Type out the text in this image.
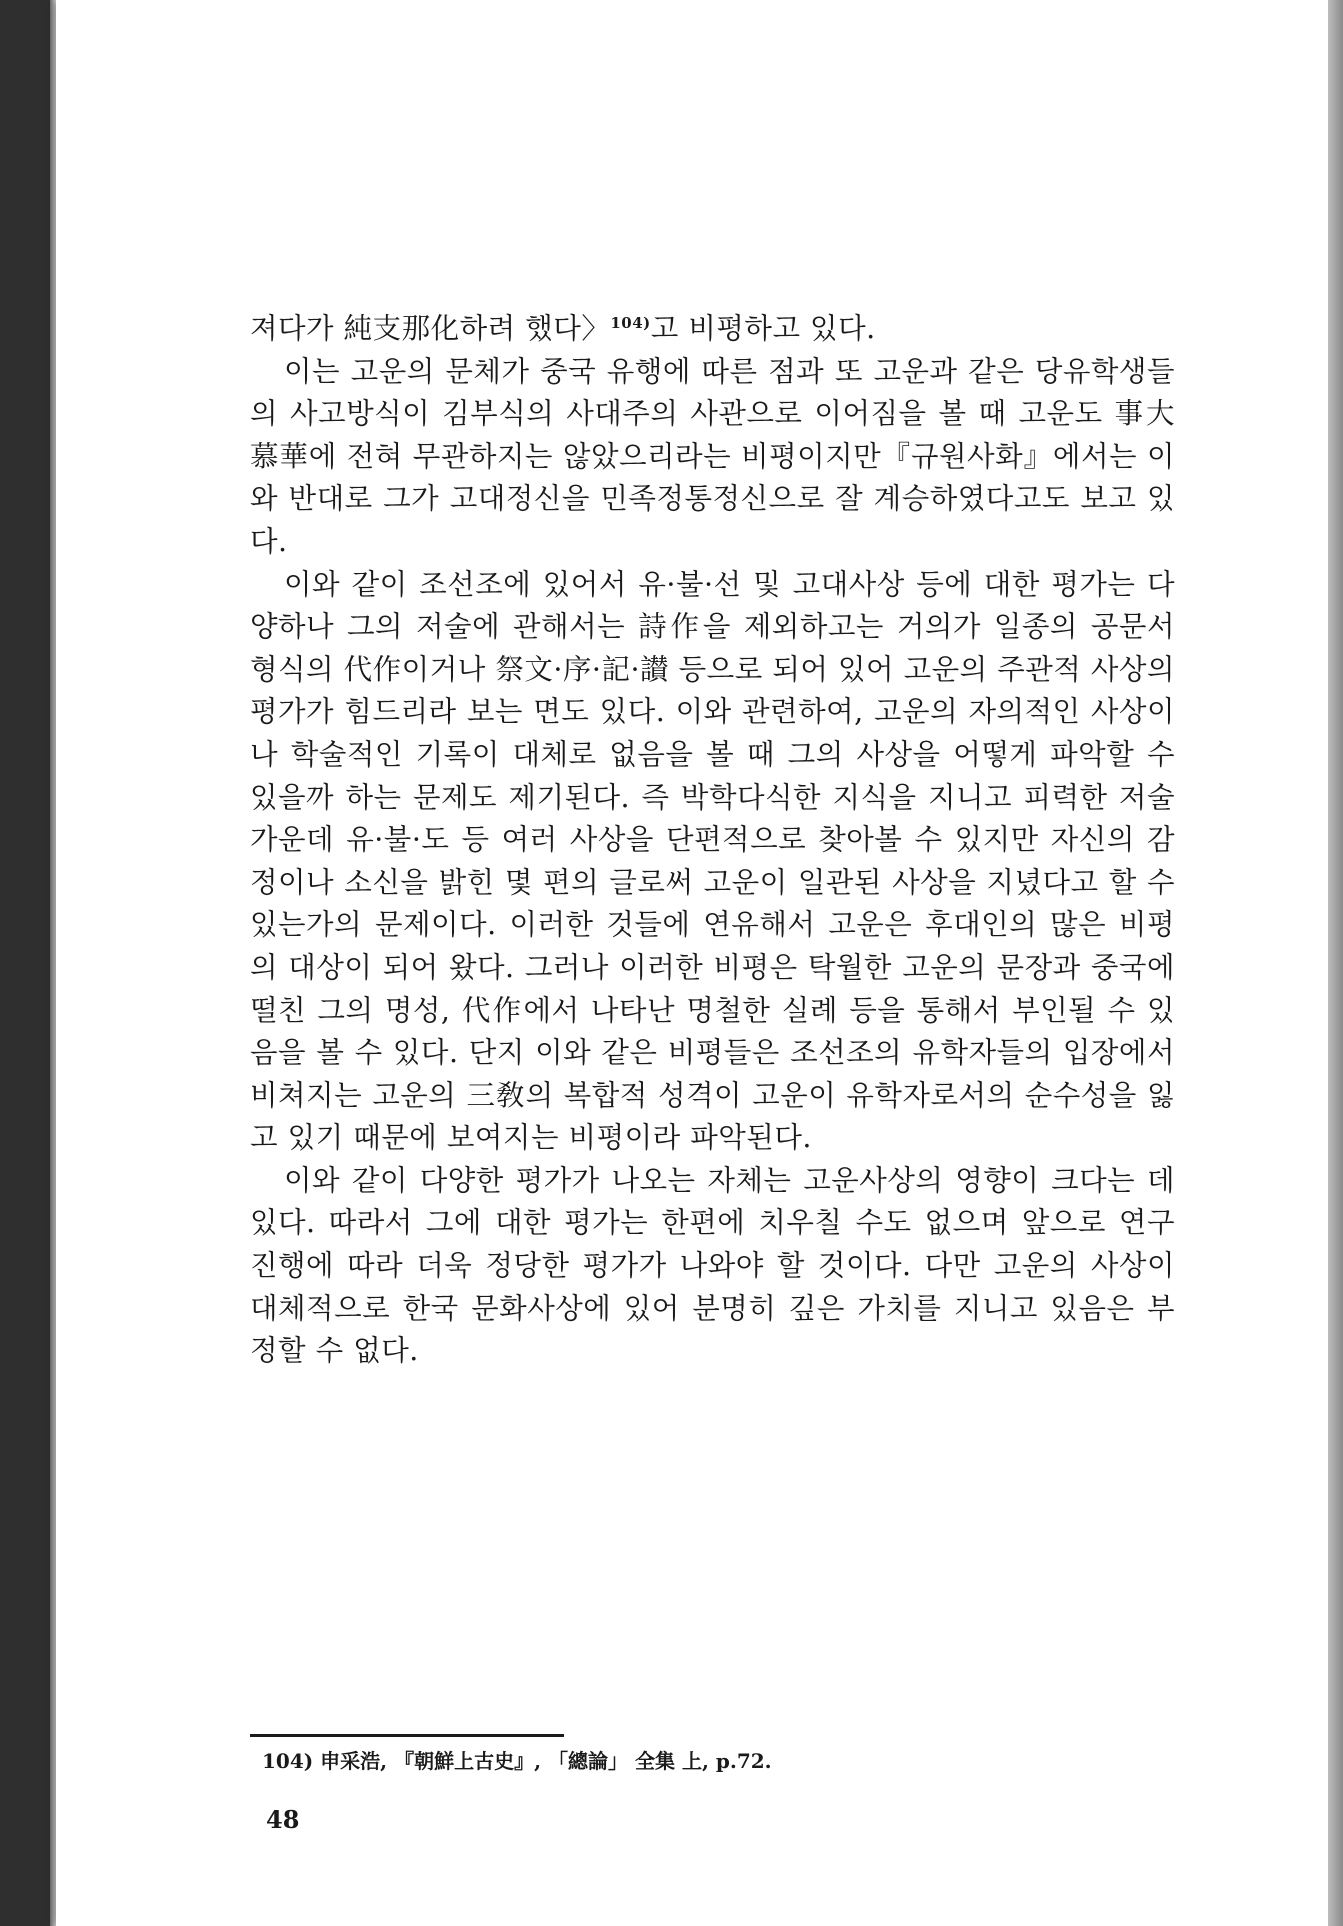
져다가 純支那化하려 했다〉$^{104)}$고 비평하고 있다.

이는 고운의 문체가 중국 유행에 따른 점과 또 고운과 같은 당유학생들의 사고방식이 김부식의 사대주의 사관으로 이어짐을 볼 때 고운도 事大慕華에 전혀 무관하지는 않았으리라는 비평이지만『규원사화』에서는 이와 반대로 그가 고대정신을 민족정통정신으로 잘 계승하였다고도 보고 있다.

이와 같이 조선조에 있어서 유·불·선 및 고대사상 등에 대한 평가는 다양하나 그의 저술에 관해서는 詩作을 제외하고는 거의가 일종의 공문서 형식의 代作이거나 祭文·序·記·讃 등으로 되어 있어 고운의 주관적 사상의 평가가 힘드리라 보는 면도 있다. 이와 관련하여, 고운의 자의적인 사상이나 학술적인 기록이 대체로 없음을 볼 때 그의 사상을 어떻게 파악할 수 있을까 하는 문제도 제기된다. 즉 박학다식한 지식을 지니고 피력한 저술 가운데 유·불·도 등 여러 사상을 단편적으로 찾아볼 수 있지만 자신의 감정이나 소신을 밝힌 몇 편의 글로써 고운이 일관된 사상을 지녔다고 할 수 있는가의 문제이다. 이러한 것들에 연유해서 고운은 후대인의 많은 비평의 대상이 되어 왔다. 그러나 이러한 비평은 탁월한 고운의 문장과 중국에 떨친 그의 명성, 代作에서 나타난 명철한 실례 등을 통해서 부인될 수 있음을 볼 수 있다. 단지 이와 같은 비평들은 조선조의 유학자들의 입장에서 비쳐지는 고운의 三敎의 복합적 성격이 고운이 유학자로서의 순수성을 잃고 있기 때문에 보여지는 비평이라 파악된다.

이와 같이 다양한 평가가 나오는 자체는 고운사상의 영향이 크다는 데 있다. 따라서 그에 대한 평가는 한편에 치우칠 수도 없으며 앞으로 연구 진행에 따라 더욱 정당한 평가가 나와야 할 것이다. 다만 고운의 사상이 대체적으로 한국 문화사상에 있어 분명히 깊은 가치를 지니고 있음은 부정할 수 없다.

104) 申采浩, 『朝鮮上古史』, 「總論」 全集 上, p.72.
48
